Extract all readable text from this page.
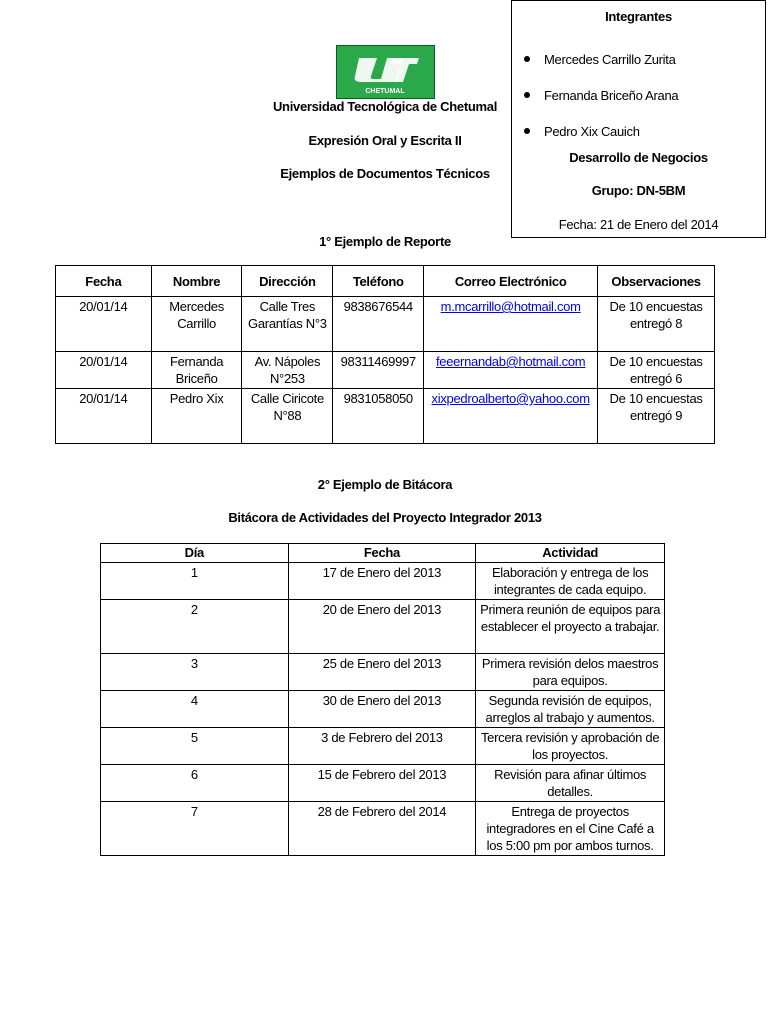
Integrantes
Mercedes Carrillo Zurita
Fernanda Briceño Arana
Pedro Xix Cauich
Desarrollo de Negocios
Grupo: DN-5BM
Fecha: 21 de Enero del 2014
CHETUMAL
Universidad Tecnológica de Chetumal
Expresión Oral y Escrita II
Ejemplos de Documentos Técnicos
1° Ejemplo de Reporte
Fecha	Nombre	Dirección	Teléfono	Correo Electrónico	Observaciones
20/01/14	Mercedes Carrillo	Calle Tres Garantías N°3	9838676544	m.mcarrillo@hotmail.com	De 10 encuestas entregó 8
20/01/14	Fernanda Briceño	Av. Nápoles N°253	98311469997	feeernandab@hotmail.com	De 10 encuestas entregó 6
20/01/14	Pedro Xix	Calle Ciricote N°88	9831058050	xixpedroalberto@yahoo.com	De 10 encuestas entregó 9
2° Ejemplo de Bitácora
Bitácora de Actividades del Proyecto Integrador 2013
Día	Fecha	Actividad
1	17 de Enero del 2013	Elaboración y entrega de los integrantes de cada equipo.
2	20 de Enero del 2013	Primera reunión de equipos para establecer el proyecto a trabajar.
3	25 de Enero del 2013	Primera revisión delos maestros para equipos.
4	30 de Enero del 2013	Segunda revisión de equipos, arreglos al trabajo y aumentos.
5	3 de Febrero del 2013	Tercera revisión y aprobación de los proyectos.
6	15 de Febrero del 2013	Revisión para afinar últimos detalles.
7	28 de Febrero del 2014	Entrega de proyectos integradores en el Cine Café a los 5:00 pm por ambos turnos.
